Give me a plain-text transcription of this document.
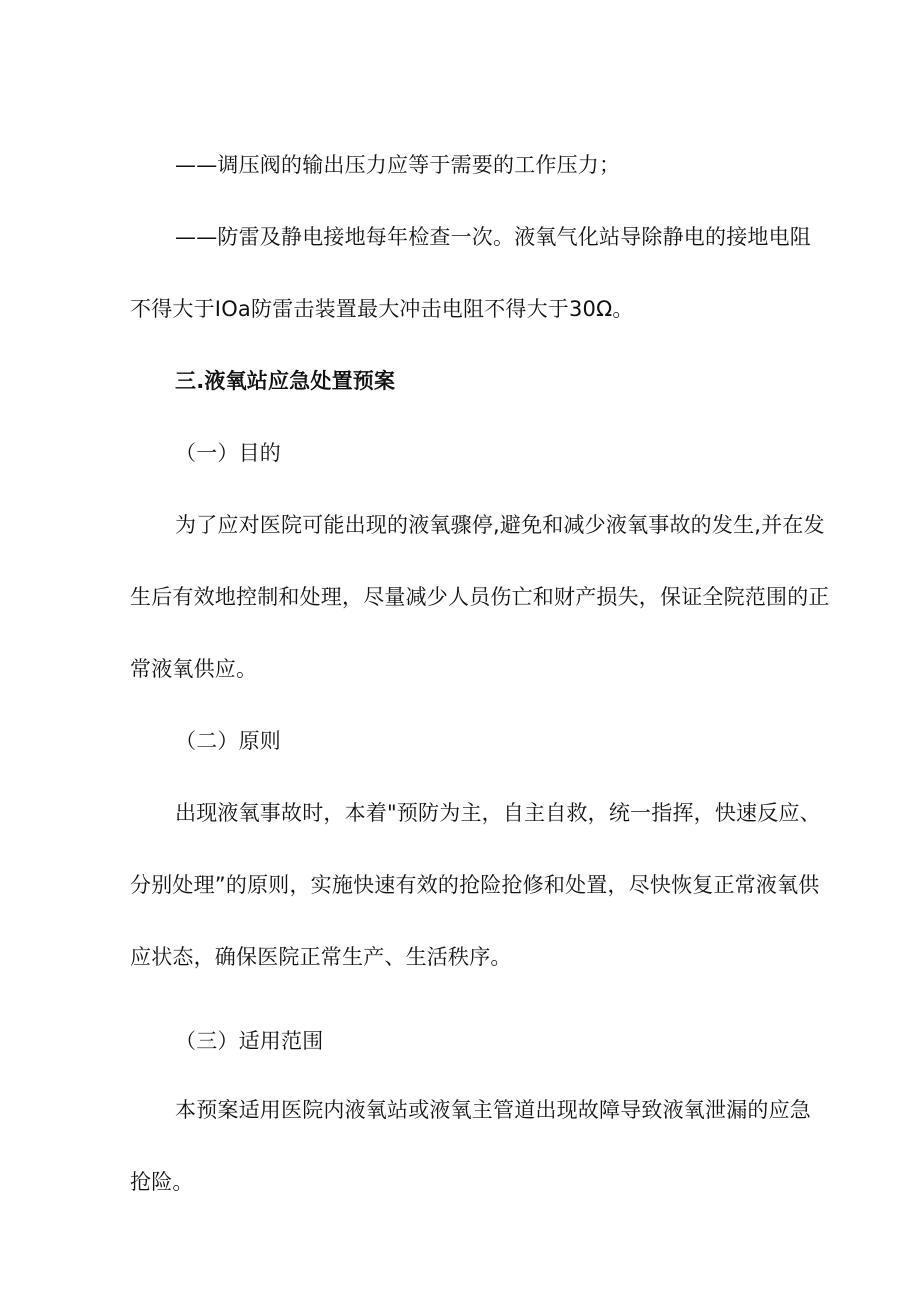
——调压阀的输出压力应等于需要的工作压力；
——防雷及静电接地每年检查一次。液氧气化站导除静电的接地电阻
不得大于IOa防雷击装置最大冲击电阻不得大于30Ω。
三.液氧站应急处置预案
（一）目的
为了应对医院可能出现的液氧骤停,避免和减少液氧事故的发生,并在发
生后有效地控制和处理，尽量减少人员伤亡和财产损失，保证全院范围的正
常液氧供应。
（二）原则
出现液氧事故时，本着"预防为主，自主自救，统一指挥，快速反应、
分别处理”的原则，实施快速有效的抢险抢修和处置，尽快恢复正常液氧供
应状态，确保医院正常生产、生活秩序。
（三）适用范围
本预案适用医院内液氧站或液氧主管道出现故障导致液氧泄漏的应急
抢险。
